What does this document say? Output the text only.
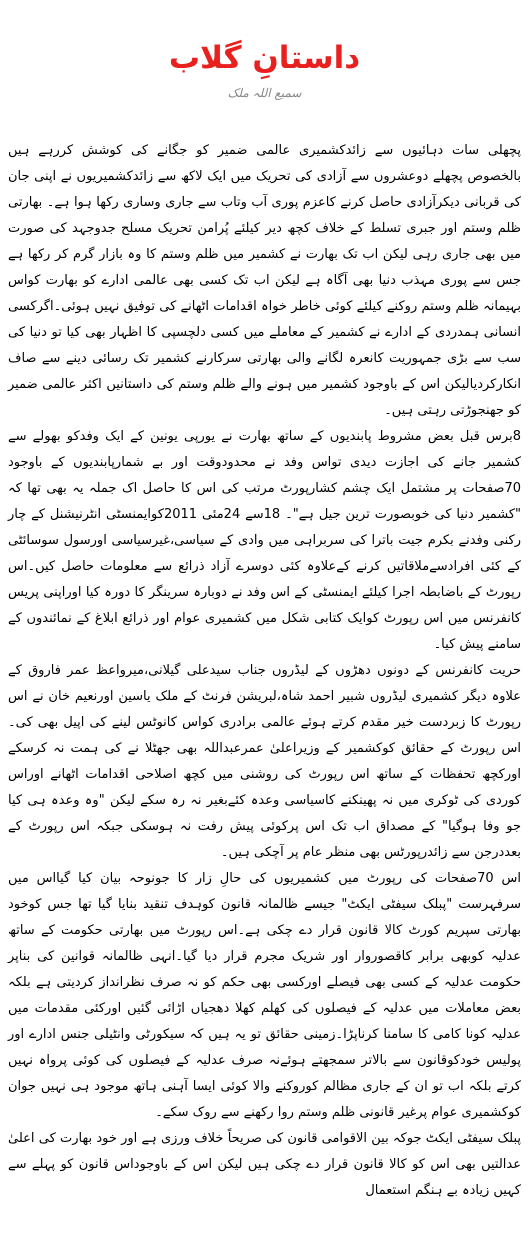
داستانِ گلاب
سمیع اللہ ملک

پچھلی سات دہائیوں سے زائدکشمیری عالمی ضمیر کو جگانے کی کوشش کررہے ہیں بالخصوص پچھلے دوعشروں سے آزادی کی تحریک میں ایک لاکھ سے زائدکشمیریوں نے اپنی جان کی قربانی دیکرآزادی حاصل کرنے کاعزم پوری آب وتاب سے جاری وساری رکھا ہوا ہے۔ بھارتی ظلم وستم اور جبری تسلط کے خلاف کچھ دیر کیلئے پُرامن تحریک مسلح جدوجہد کی صورت میں بھی جاری رہی لیکن اب تک بھارت نے کشمیر میں ظلم وستم کا وہ بازار گرم کر رکھا ہے جس سے پوری مہذب دنیا بھی آگاہ ہے لیکن اب تک کسی بھی عالمی ادارے کو بھارت کواس بہیمانہ ظلم وستم روکنے کیلئے کوئی خاطر خواہ اقدامات اٹھانے کی توفیق نہیں ہوئی۔اگرکسی انسانی ہمدردی کے ادارے نے کشمیر کے معاملے میں کسی دلچسپی کا اظہار بھی کیا تو دنیا کی سب سے بڑی جمہوریت کانعرہ لگانے والی بھارتی سرکارنے کشمیر تک رسائی دینے سے صاف انکارکردیالیکن اس کے باوجود کشمیر میں ہونے والے ظلم وستم کی داستانیں اکثر عالمی ضمیر کو جھنجوڑتی رہتی ہیں۔

8برس قبل بعض مشروط پابندیوں کے ساتھ بھارت نے یورپی یونین کے ایک وفدکو بھولے سے کشمیر جانے کی اجازت دیدی تواس وفد نے محدودوقت اور بے شمارپابندیوں کے باوجود 70صفحات پر مشتمل ایک چشم کشارپورٹ مرتب کی اس کا حاصل اک جملہ یہ بھی تھا کہ "کشمیر دنیا کی خوبصورت ترین جیل ہے"۔ 18سے 24مئی 2011کوایمنسٹی انٹرنیشنل کے چار رکنی وفدنے بکرم جیت باترا کی سربراہی میں وادی کے سیاسی،غیرسیاسی اورسول سوسائٹی کے کئی افرادسےملاقاتیں کرنے کےعلاوہ کئی دوسرے آزاد ذرائع سے معلومات حاصل کیں۔اس رپورٹ کے باضابطہ اجرا کیلئے ایمنسٹی کے اس وفد نے دوبارہ سرینگر کا دورہ کیا اوراپنی پریس کانفرنس میں اس رپورٹ کوایک کتابی شکل میں کشمیری عوام اور ذرائع ابلاغ کے نمائندوں کے سامنے پیش کیا۔

حریت کانفرنس کے دونوں دھڑوں کے لیڈروں جناب سیدعلی گیلانی،میرواعظ عمر فاروق کے علاوہ دیگر کشمیری لیڈروں شبیر احمد شاہ،لبریشن فرنٹ کے ملک یاسین اورنعیم خان نے اس رپورٹ کا زبردست خیر مقدم کرتے ہوئے عالمی برادری کواس کانوٹس لینے کی اپیل بھی کی۔اس رپورٹ کے حقائق کوکشمیر کے وزیراعلیٰ عمرعبداللہ بھی جھٹلا نے کی ہمت نہ کرسکے اورکچھ تحفظات کے ساتھ اس رپورٹ کی روشنی میں کچھ اصلاحی اقدامات اٹھانے اوراس کوردی کی ٹوکری میں نہ پھینکنے کاسیاسی وعدہ کئےبغیر نہ رہ سکے لیکن "وہ وعدہ ہی کیا جو وفا ہوگیا" کے مصداق اب تک اس پرکوئی پیش رفت نہ ہوسکی جبکہ اس رپورٹ کے بعددرجن سے زائدرپورٹس بھی منظر عام پر آچکی ہیں۔

اس 70صفحات کی رپورٹ میں کشمیریوں کی حالِ زار کا جونوحہ بیان کیا گیااس میں سرفہرست "پبلک سیفٹی ایکٹ" جیسے ظالمانہ قانون کوہدف تنقید بنایا گیا تھا جس کوخود بھارتی سپریم کورٹ کالا قانون قرار دے چکی ہے۔اس رپورٹ میں بھارتی حکومت کے ساتھ عدلیہ کوبھی برابر کاقصوروار اور شریک مجرم قرار دیا گیا۔انہی ظالمانہ قوانین کی بناپر حکومت عدلیہ کے کسی بھی فیصلے اورکسی بھی حکم کو نہ صرف نظرانداز کردیتی ہے بلکہ بعض معاملات میں عدلیہ کے فیصلوں کی کھلم کھلا دھجیاں اڑائی گئیں اورکئی مقدمات میں عدلیہ کونا کامی کا سامنا کرناپڑا۔زمینی حقائق تو یہ ہیں کہ سیکورٹی وانٹیلی جنس ادارے اور پولیس خودکوقانون سے بالاتر سمجھتے ہوئےنہ صرف عدلیہ کے فیصلوں کی کوئی پرواہ نہیں کرتے بلکہ اب تو ان کے جاری مظالم کوروکنے والا کوئی ایسا آہنی ہاتھ موجود ہی نہیں جوان کوکشمیری عوام پرغیر قانونی ظلم وستم روا رکھنے سے روک سکے۔

پبلک سیفٹی ایکٹ جوکہ بین الاقوامی قانون کی صریحاً خلاف ورزی ہے اور خود بھارت کی اعلیٰ عدالتیں بھی اس کو کالا قانون قرار دے چکی ہیں لیکن اس کے باوجوداس قانون کو پہلے سے کہیں زیادہ بے ہنگم استعمال
